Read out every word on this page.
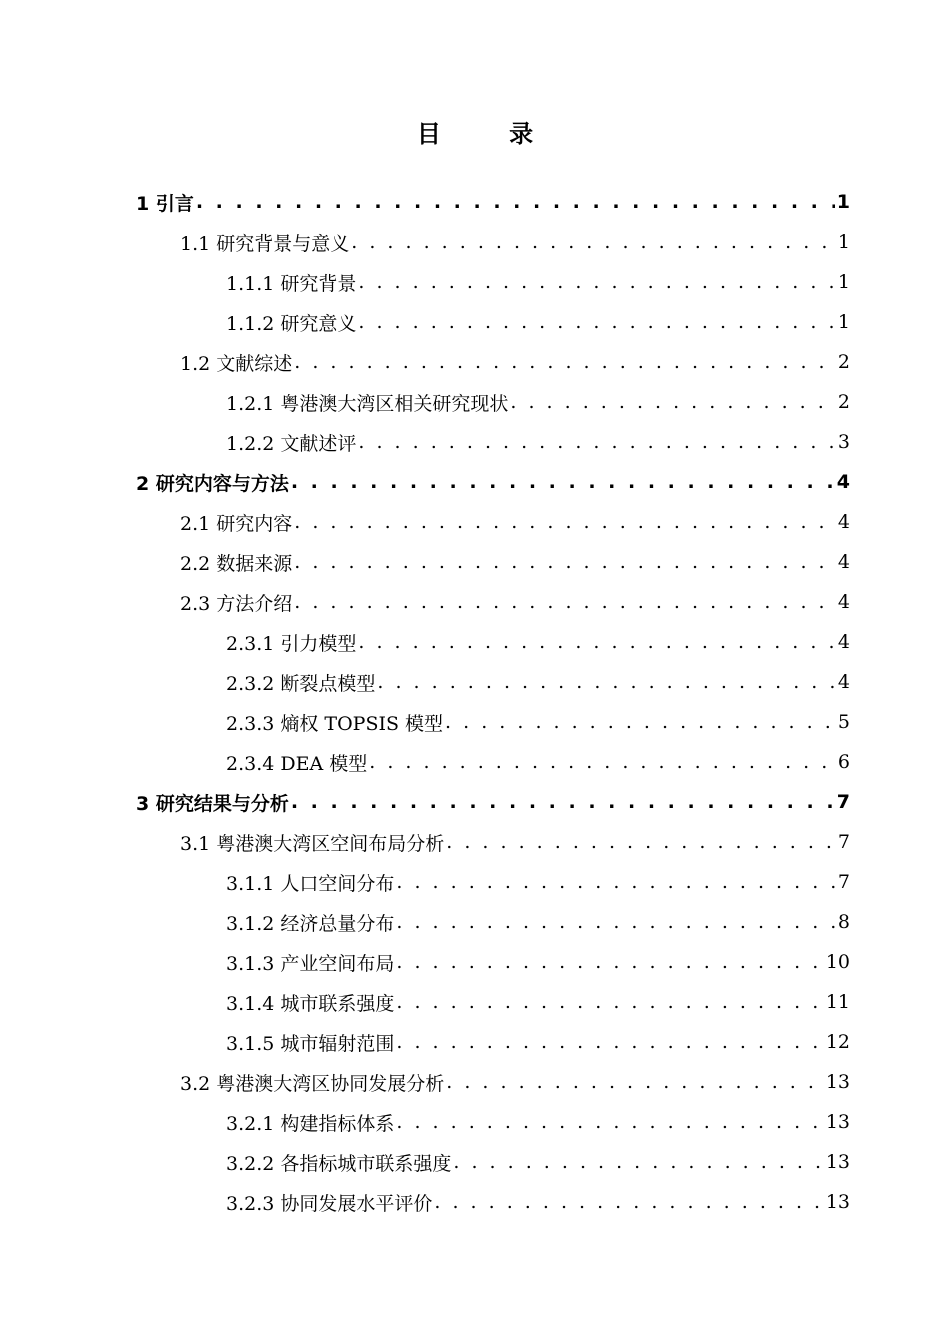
目 录
1 引言 . . .	1
1.1 研究背景与意义 . . .	1
1.1.1 研究背景 . . .	1
1.1.2 研究意义 . . .	1
1.2 文献综述 . . .	2
1.2.1 粤港澳大湾区相关研究现状 . . .	2
1.2.2 文献述评 . . .	3
2 研究内容与方法 . . .	4
2.1 研究内容 . . .	4
2.2 数据来源 . . .	4
2.3 方法介绍 . . .	4
2.3.1 引力模型 . . .	4
2.3.2 断裂点模型 . . .	4
2.3.3 熵权 TOPSIS 模型 . . .	5
2.3.4 DEA 模型 . . .	6
3 研究结果与分析 . . .	7
3.1 粤港澳大湾区空间布局分析 . . .	7
3.1.1 人口空间分布 . . .	7
3.1.2 经济总量分布 . . .	8
3.1.3 产业空间布局 . . .	10
3.1.4 城市联系强度 . . .	11
3.1.5 城市辐射范围 . . .	12
3.2 粤港澳大湾区协同发展分析 . . .	13
3.2.1 构建指标体系 . . .	13
3.2.2 各指标城市联系强度 . . .	13
3.2.3 协同发展水平评价 . . .	13
